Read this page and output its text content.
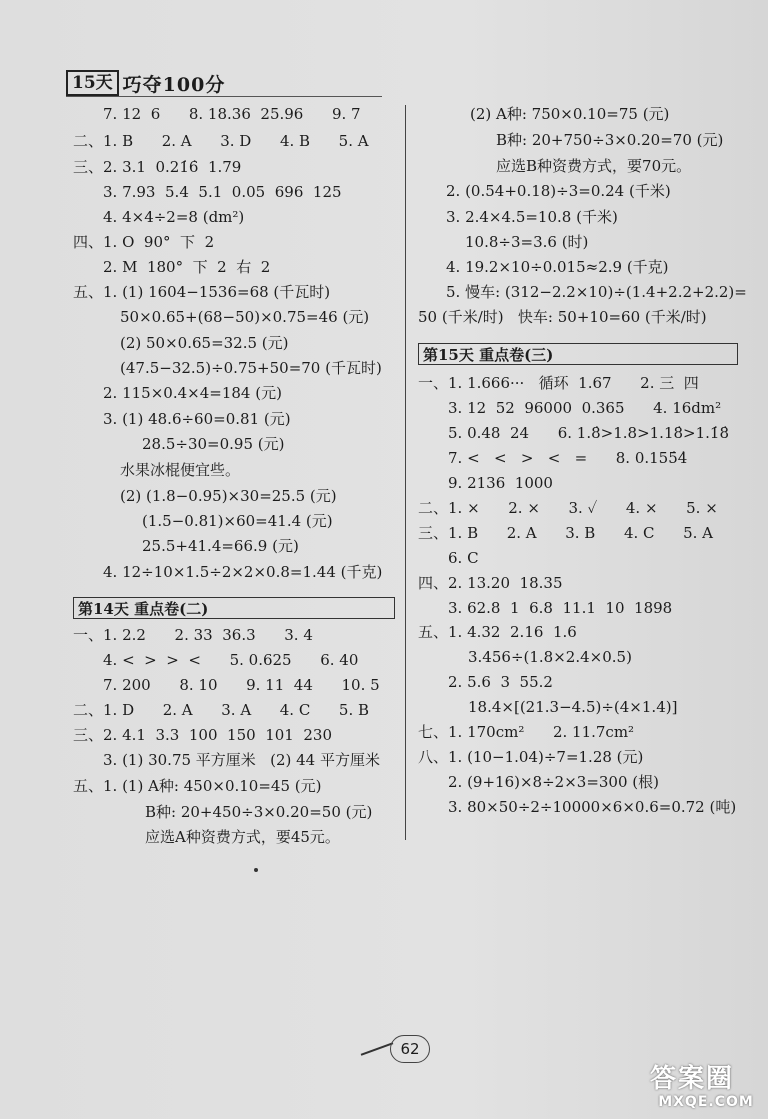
15天 巧夺100分
7. 12  6      8. 18.36  25.96      9. 7
二、1. B      2. A      3. D      4. B      5. A
三、2. 3.1  0.21̇6̇  1.79
3. 7.93  5.4  5.1  0.05  696  125
4. 4×4÷2=8 (dm²)
四、1. O  90°  下  2
2. M  180°  下  2  右  2
五、1. (1) 1604−1536=68 (千瓦时)
50×0.65+(68−50)×0.75=46 (元)
(2) 50×0.65=32.5 (元)
(47.5−32.5)÷0.75+50=70 (千瓦时)
2. 115×0.4×4=184 (元)
3. (1) 48.6÷60=0.81 (元)
28.5÷30=0.95 (元)
水果冰棍便宜些。
(2) (1.8−0.95)×30=25.5 (元)
(1.5−0.81)×60=41.4 (元)
25.5+41.4=66.9 (元)
4. 12÷10×1.5÷2×2×0.8=1.44 (千克)
第14天 重点卷(二)
一、1. 2.2      2. 33  36.3      3. 4
4. <  >  >  <      5. 0.625      6. 40
7. 200      8. 10      9. 11  44      10. 5
二、1. D      2. A      3. A      4. C      5. B
三、2. 4.1  3.3  100  150  101  230
3. (1) 30.75 平方厘米   (2) 44 平方厘米
五、1. (1) A种: 450×0.10=45 (元)
B种: 20+450÷3×0.20=50 (元)
应选A种资费方式，要45元。
(2) A种: 750×0.10=75 (元)
B种: 20+750÷3×0.20=70 (元)
应选B种资费方式，要70元。
2. (0.54+0.18)÷3=0.24 (千米)
3. 2.4×4.5=10.8 (千米)
10.8÷3=3.6 (时)
4. 19.2×10÷0.015≈2.9 (千克)
5. 慢车: (312−2.2×10)÷(1.4+2.2+2.2)=
50 (千米/时)   快车: 50+10=60 (千米/时)
第15天 重点卷(三)
一、1. 1.666···   循环  1.67      2. 三  四
3. 12  52  96000  0.365      4. 16dm²
5. 0.48  24      6. 1.8̇>1.8>1.18̇>1.1̇8̇
7. <   <   >   <   =      8. 0.155̇4̇
9. 2136  1000
二、1. ×      2. ×      3. ✓      4. ×      5. ×
三、1. B      2. A      3. B      4. C      5. A
6. C
四、2. 13.20  18.35
3. 62.8  1  6.8  11.1  10  1898
五、1. 4.32  2.16  1.6
3.456÷(1.8×2.4×0.5)
2. 5.6  3  55.2
18.4×[(21.3−4.5)÷(4×1.4)]
七、1. 170cm²      2. 11.7cm²
八、1. (10−1.04)÷7=1.28 (元)
2. (9+16)×8÷2×3=300 (根)
3. 80×50÷2÷10000×6×0.6=0.72 (吨)
62
答案圈
MXQE.COM
